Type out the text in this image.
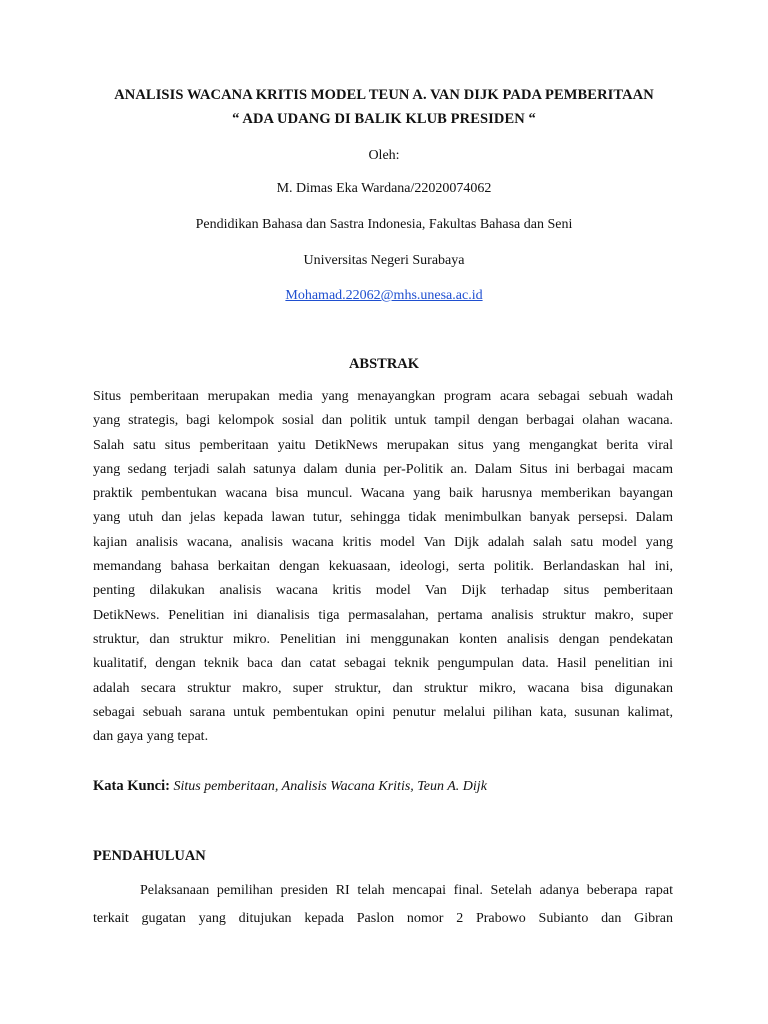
ANALISIS WACANA KRITIS MODEL TEUN A. VAN DIJK PADA PEMBERITAAN
“ ADA UDANG DI BALIK KLUB PRESIDEN “
Oleh:
M. Dimas Eka Wardana/22020074062
Pendidikan Bahasa dan Sastra Indonesia, Fakultas Bahasa dan Seni
Universitas Negeri Surabaya
Mohamad.22062@mhs.unesa.ac.id
ABSTRAK
Situs pemberitaan merupakan media yang menayangkan program acara sebagai sebuah wadah
yang strategis, bagi kelompok sosial dan politik untuk tampil dengan berbagai olahan wacana.
Salah satu situs pemberitaan yaitu DetikNews merupakan situs yang mengangkat berita viral
yang sedang terjadi salah satunya dalam dunia per-Politik an. Dalam Situs ini berbagai macam
praktik pembentukan wacana bisa muncul. Wacana yang baik harusnya memberikan bayangan
yang utuh dan jelas kepada lawan tutur, sehingga tidak menimbulkan banyak persepsi. Dalam
kajian analisis wacana, analisis wacana kritis model Van Dijk adalah salah satu model yang
memandang bahasa berkaitan dengan kekuasaan, ideologi, serta politik. Berlandaskan hal ini,
penting dilakukan analisis wacana kritis model Van Dijk terhadap situs pemberitaan
DetikNews. Penelitian ini dianalisis tiga permasalahan, pertama analisis struktur makro, super
struktur, dan struktur mikro. Penelitian ini menggunakan konten analisis dengan pendekatan
kualitatif, dengan teknik baca dan catat sebagai teknik pengumpulan data. Hasil penelitian ini
adalah secara struktur makro, super struktur, dan struktur mikro, wacana bisa digunakan
sebagai sebuah sarana untuk pembentukan opini penutur melalui pilihan kata, susunan kalimat,
dan gaya yang tepat.
Kata Kunci: Situs pemberitaan, Analisis Wacana Kritis, Teun A. Dijk
PENDAHULUAN
Pelaksanaan pemilihan presiden RI telah mencapai final. Setelah adanya beberapa rapat
terkait gugatan yang ditujukan kepada Paslon nomor 2 Prabowo Subianto dan Gibran
